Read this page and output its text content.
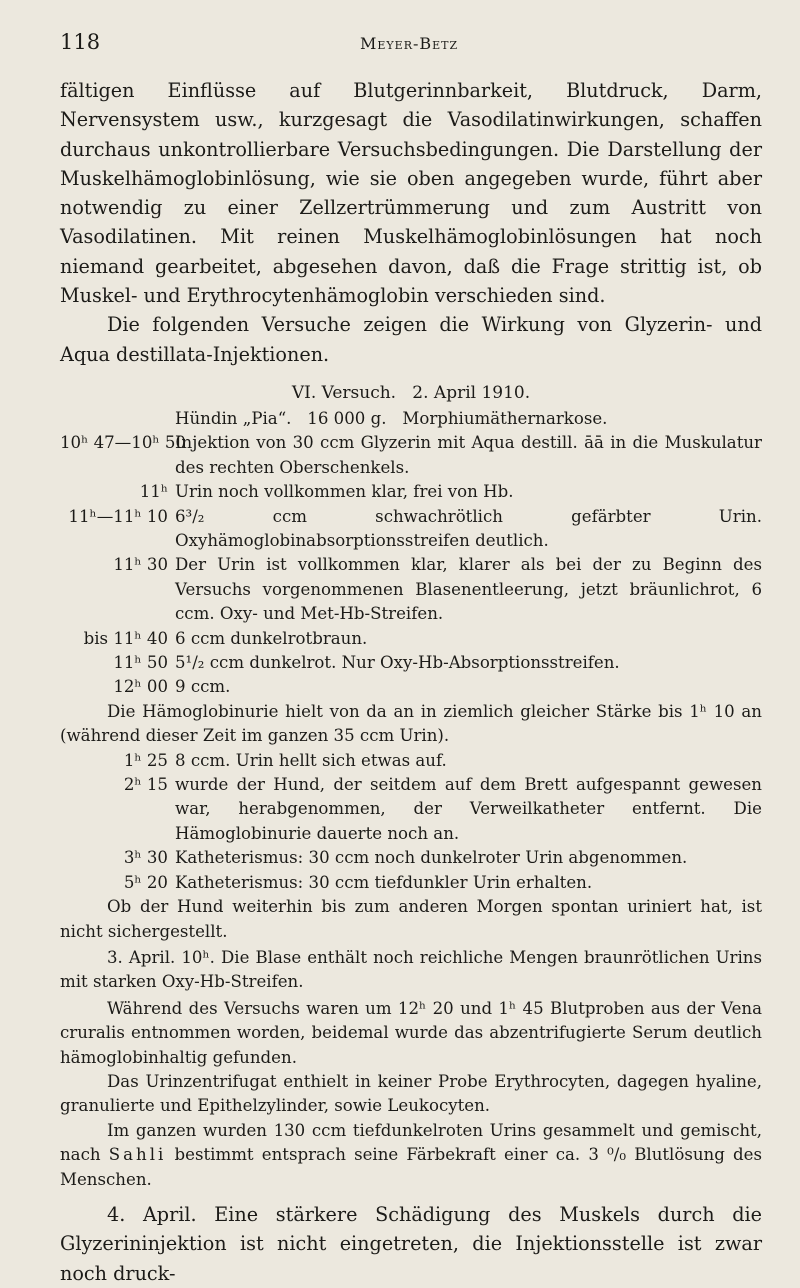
118	Meyer-Betz
fältigen Einflüsse auf Blutgerinnbarkeit, Blutdruck, Darm, Nervensystem usw., kurzgesagt die Vasodilatinwirkungen, schaffen durchaus unkontrollierbare Versuchsbedingungen. Die Darstellung der Muskelhämoglobinlösung, wie sie oben angegeben wurde, führt aber notwendig zu einer Zellzertrümmerung und zum Austritt von Vasodilatinen. Mit reinen Muskelhämoglobinlösungen hat noch niemand gearbeitet, abgesehen davon, daß die Frage strittig ist, ob Muskel- und Erythrocytenhämoglobin verschieden sind.
Die folgenden Versuche zeigen die Wirkung von Glyzerin- und Aqua destillata-Injektionen.
VI. Versuch.   2. April 1910.
Hündin „Pia“.   16 000 g.   Morphiumäthernarkose.
10ʰ 47—10ʰ 50
Injektion von 30 ccm Glyzerin mit Aqua destill. āā in die Muskulatur des rechten Oberschenkels.
11ʰ Urin noch vollkommen klar, frei von Hb.
11ʰ—11ʰ 10 6³/₂ ccm schwachrötlich gefärbter Urin. Oxyhämoglobinabsorptionsstreifen deutlich.
11ʰ 30 Der Urin ist vollkommen klar, klarer als bei der zu Beginn des Versuchs vorgenommenen Blasenentleerung, jetzt bräunlichrot, 6 ccm. Oxy- und Met-Hb-Streifen.
bis 11ʰ 40 6 ccm dunkelrotbraun.
11ʰ 50 5¹/₂ ccm dunkelrot. Nur Oxy-Hb-Absorptionsstreifen.
12ʰ 00 9 ccm.
Die Hämoglobinurie hielt von da an in ziemlich gleicher Stärke bis 1ʰ 10 an (während dieser Zeit im ganzen 35 ccm Urin).
1ʰ 25 8 ccm. Urin hellt sich etwas auf.
2ʰ 15 wurde der Hund, der seitdem auf dem Brett aufgespannt gewesen war, herabgenommen, der Verweilkatheter entfernt. Die Hämoglobinurie dauerte noch an.
3ʰ 30 Katheterismus: 30 ccm noch dunkelroter Urin abgenommen.
5ʰ 20 Katheterismus: 30 ccm tiefdunkler Urin erhalten.
Ob der Hund weiterhin bis zum anderen Morgen spontan uriniert hat, ist nicht sichergestellt.
3. April. 10ʰ. Die Blase enthält noch reichliche Mengen braunrötlichen Urins mit starken Oxy-Hb-Streifen.
Während des Versuchs waren um 12ʰ 20 und 1ʰ 45 Blutproben aus der Vena cruralis entnommen worden, beidemal wurde das abzentrifugierte Serum deutlich hämoglobinhaltig gefunden.
Das Urinzentrifugat enthielt in keiner Probe Erythrocyten, dagegen hyaline, granulierte und Epithelzylinder, sowie Leukocyten.
Im ganzen wurden 130 ccm tiefdunkelroten Urins gesammelt und gemischt, nach Sahli bestimmt entsprach seine Färbekraft einer ca. 3 ⁰/₀ Blutlösung des Menschen.
4. April. Eine stärkere Schädigung des Muskels durch die Glyzerininjektion ist nicht eingetreten, die Injektionsstelle ist zwar noch druck-
